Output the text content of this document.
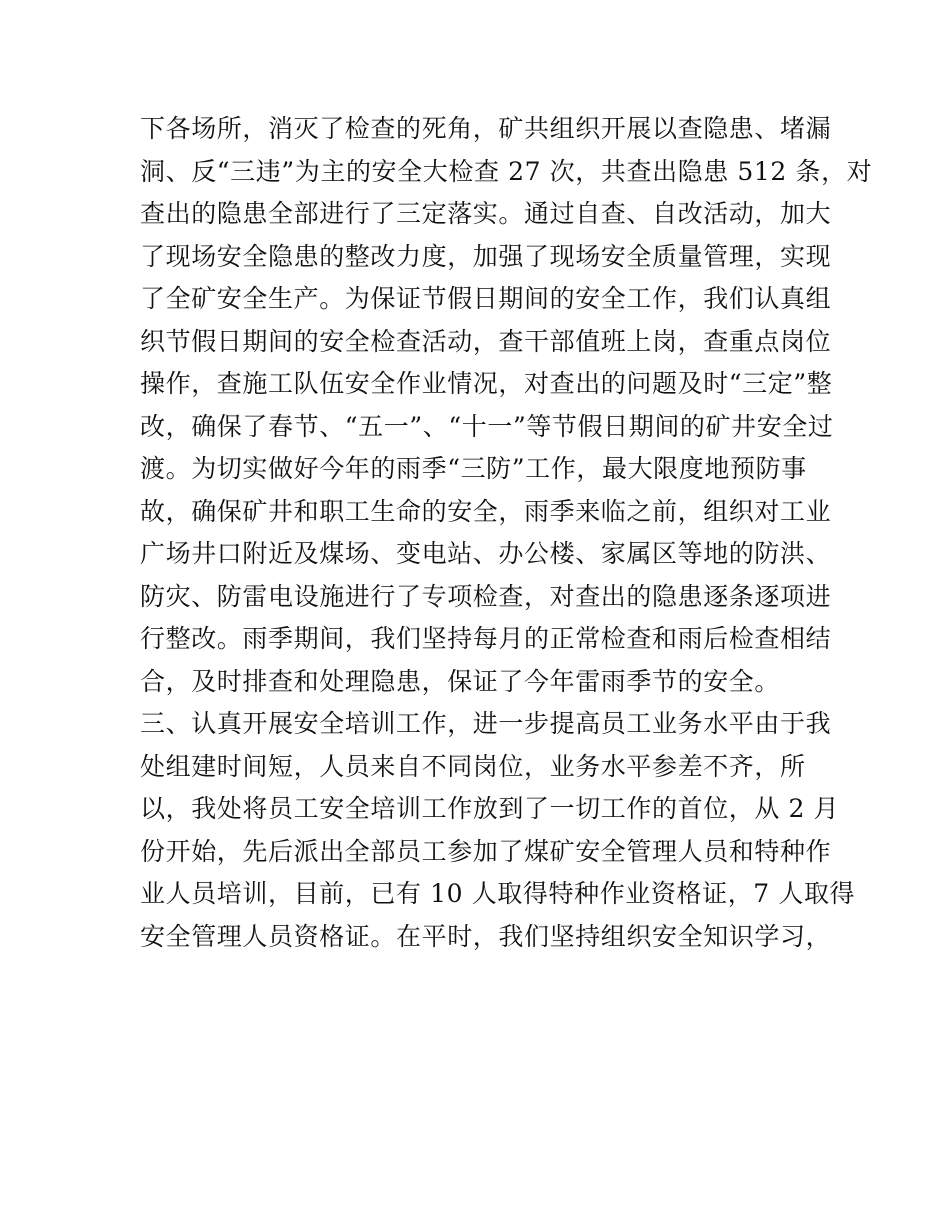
下各场所，消灭了检查的死角，矿共组织开展以查隐患、堵漏
洞、反“三违”为主的安全大检查 27 次，共查出隐患 512 条，对
查出的隐患全部进行了三定落实。通过自查、自改活动，加大
了现场安全隐患的整改力度，加强了现场安全质量管理，实现
了全矿安全生产。为保证节假日期间的安全工作，我们认真组
织节假日期间的安全检查活动，查干部值班上岗，查重点岗位
操作，查施工队伍安全作业情况，对查出的问题及时“三定”整
改，确保了春节、“五一”、“十一”等节假日期间的矿井安全过
渡。为切实做好今年的雨季“三防”工作，最大限度地预防事
故，确保矿井和职工生命的安全，雨季来临之前，组织对工业
广场井口附近及煤场、变电站、办公楼、家属区等地的防洪、
防灾、防雷电设施进行了专项检查，对查出的隐患逐条逐项进
行整改。雨季期间，我们坚持每月的正常检查和雨后检查相结
合，及时排查和处理隐患，保证了今年雷雨季节的安全。
三、认真开展安全培训工作，进一步提高员工业务水平由于我
处组建时间短，人员来自不同岗位，业务水平参差不齐，所
以，我处将员工安全培训工作放到了一切工作的首位，从 2 月
份开始，先后派出全部员工参加了煤矿安全管理人员和特种作
业人员培训，目前，已有 10 人取得特种作业资格证，7 人取得
安全管理人员资格证。在平时，我们坚持组织安全知识学习，
